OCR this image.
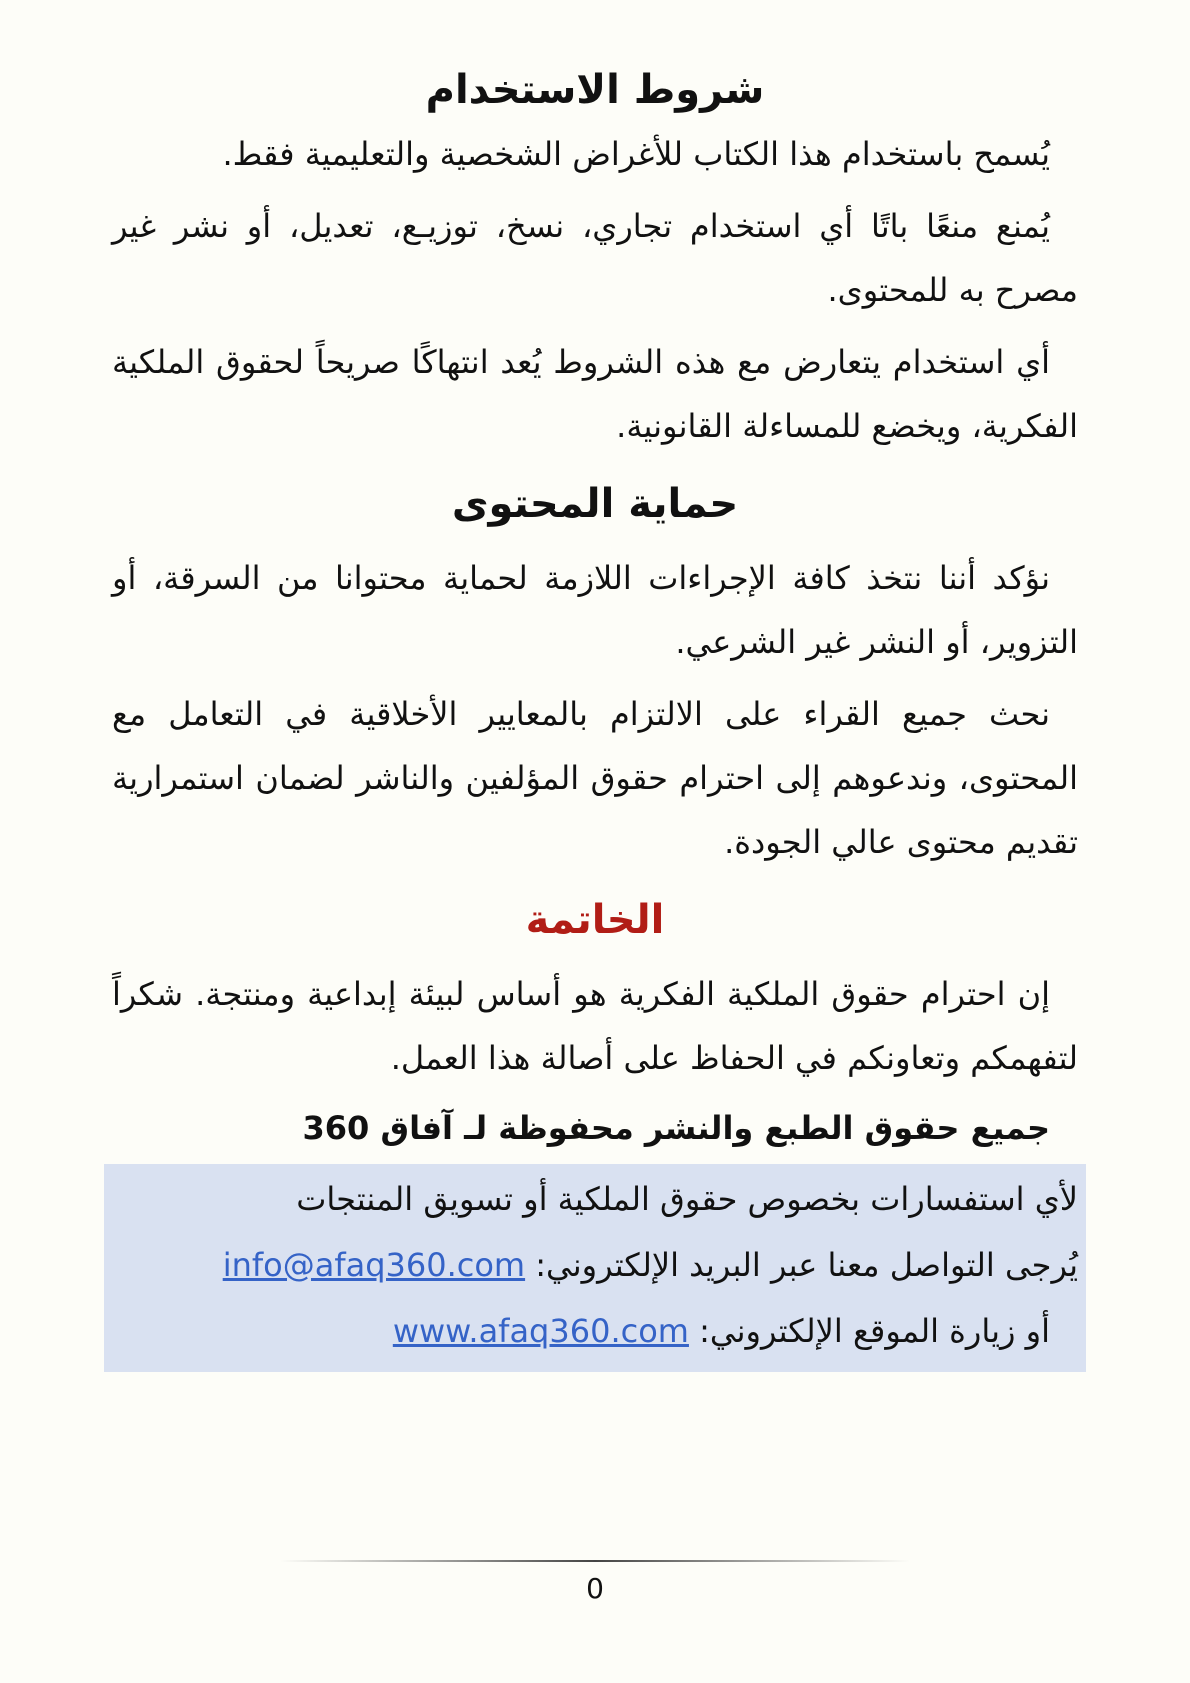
شروط الاستخدام

يُسمح باستخدام هذا الكتاب للأغراض الشخصية والتعليمية فقط.

يُمنع منعًا باتًا أي استخدام تجاري، نسخ، توزيـع، تعديل، أو نشر غير مصرح به للمحتوى.

أي استخدام يتعارض مع هذه الشروط يُعد انتهاكًا صريحاً لحقوق الملكية الفكرية، ويخضع للمساءلة القانونية.

حماية المحتوى

نؤكد أننا نتخذ كافة الإجراءات اللازمة لحماية محتوانا من السرقة، أو التزوير، أو النشر غير الشرعي.

نحث جميع القراء على الالتزام بالمعايير الأخلاقية في التعامل مع المحتوى، وندعوهم إلى احترام حقوق المؤلفين والناشر لضمان استمرارية تقديم محتوى عالي الجودة.

الخاتمة

إن احترام حقوق الملكية الفكرية هو أساس لبيئة إبداعية ومنتجة. شكراً لتفهمكم وتعاونكم في الحفاظ على أصالة هذا العمل.

جميع حقوق الطبع والنشر محفوظة لـ آفاق 360

لأي استفسارات بخصوص حقوق الملكية أو تسويق المنتجات

يُرجى التواصل معنا عبر البريد الإلكتروني: info@afaq360.com

أو زيارة الموقع الإلكتروني: www.afaq360.com

0
